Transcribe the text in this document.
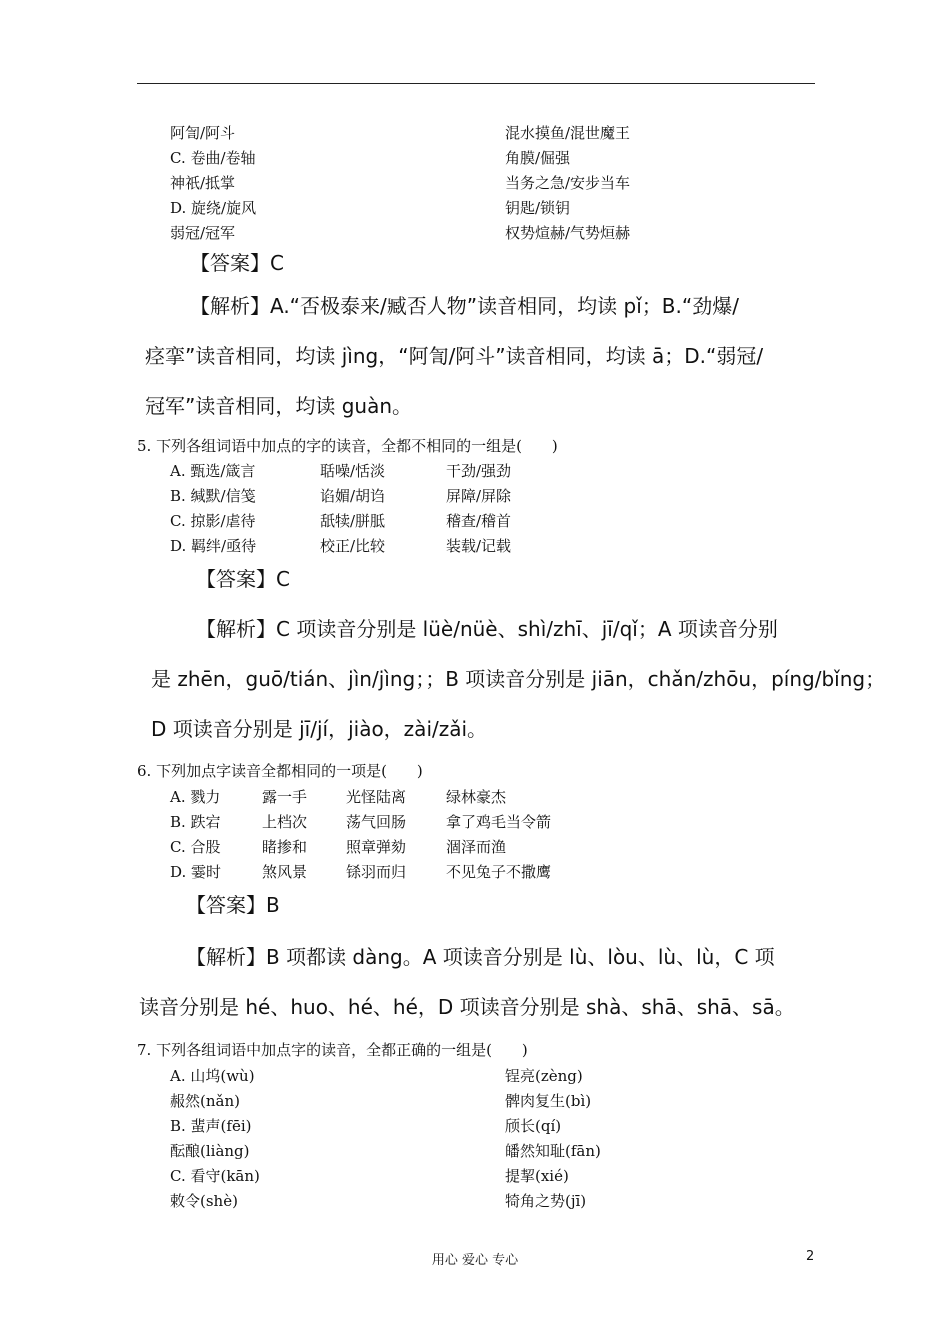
阿訇/阿斗	混水摸鱼/混世魔王
C. 卷曲/卷轴	角膜/倔强
神祇/抵掌	当务之急/安步当车
D. 旋绕/旋风	钥匙/锁钥
弱冠/冠军	权势煊赫/气势烜赫
【答案】C
【解析】A.“否极泰来/臧否人物”读音相同，均读 pǐ；B.“劲爆/
痉挛”读音相同，均读 jìng，“阿訇/阿斗”读音相同，均读 ā；D.“弱冠/
冠军”读音相同，均读 guàn。
5. 下列各组词语中加点的字的读音，全都不相同的一组是(　　)
A. 甄选/箴言	聒噪/恬淡	干劲/强劲
B. 缄默/信笺	谄媚/胡诌	屏障/屏除
C. 掠影/虐待	舐犊/胼胝	稽查/稽首
D. 羁绊/亟待	校正/比较	装载/记载
【答案】C
【解析】C 项读音分别是 lüè/nüè、shì/zhī、jī/qǐ；A 项读音分别
是 zhēn，guō/tián、jìn/jìng；；B 项读音分别是 jiān，chǎn/zhōu，píng/bǐng；
D 项读音分别是 jī/jí，jiào，zài/zǎi。
6. 下列加点字读音全都相同的一项是(　　)
A. 戮力	露一手	光怪陆离	绿林豪杰
B. 跌宕	上档次	荡气回肠	拿了鸡毛当令箭
C. 合股	睹掺和	照章弹劾	涸泽而渔
D. 霎时	煞风景	铩羽而归	不见兔子不撒鹰
【答案】B
【解析】B 项都读 dàng。A 项读音分别是 lù、lòu、lù、lù，C 项
读音分别是 hé、huo、hé、hé，D 项读音分别是 shà、shā、shā、sā。
7. 下列各组词语中加点字的读音，全都正确的一组是(　　)
A. 山坞(wù)	锃亮(zèng)
赧然(nǎn)	髀肉复生(bì)
B. 蜚声(fēi)	颀长(qí)
酝酿(liàng)	皤然知耻(fān)
C. 看守(kān)	提挈(xié)
敕令(shè)	犄角之势(jī)
用心 爱心 专心	2
